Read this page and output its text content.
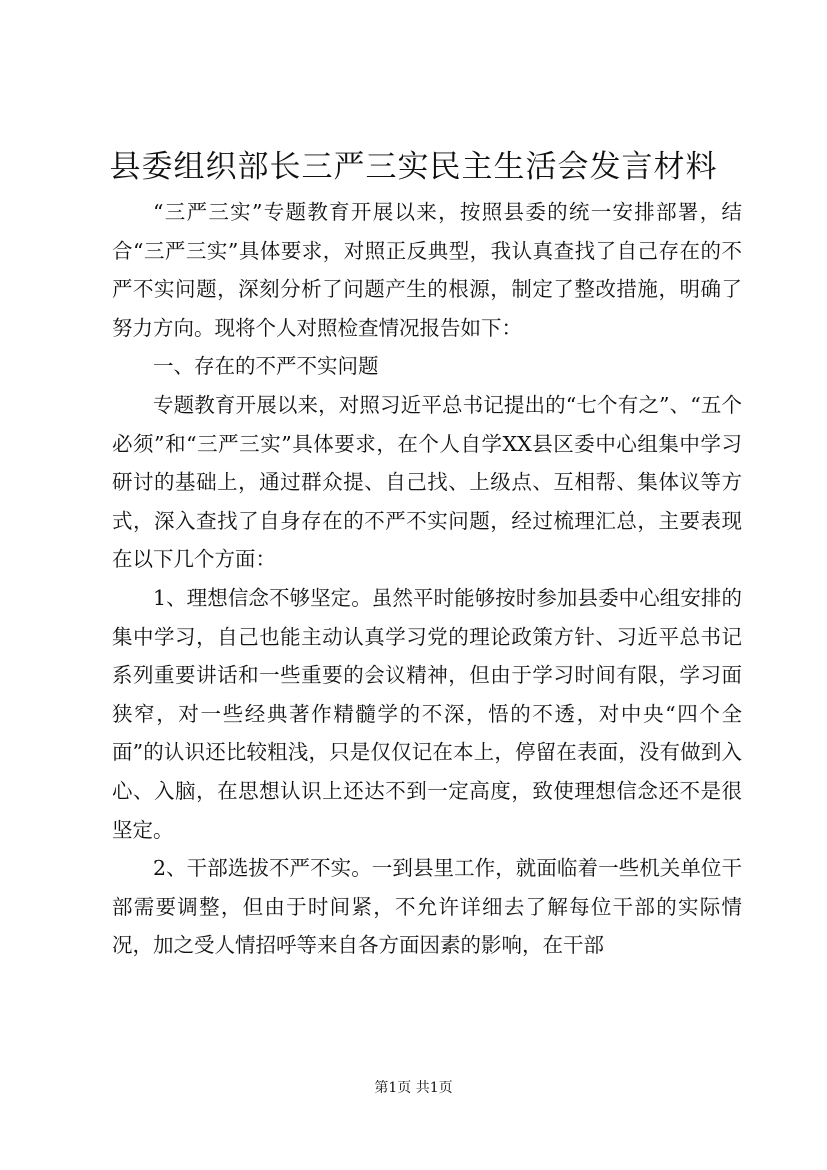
县委组织部长三严三实民主生活会发言材料

“三严三实”专题教育开展以来，按照县委的统一安排部署，结合“三严三实”具体要求，对照正反典型，我认真查找了自己存在的不严不实问题，深刻分析了问题产生的根源，制定了整改措施，明确了努力方向。现将个人对照检查情况报告如下：

一、存在的不严不实问题

专题教育开展以来，对照习近平总书记提出的“七个有之”、“五个必须”和“三严三实”具体要求，在个人自学XX县区委中心组集中学习研讨的基础上，通过群众提、自己找、上级点、互相帮、集体议等方式，深入查找了自身存在的不严不实问题，经过梳理汇总，主要表现在以下几个方面：

1、理想信念不够坚定。虽然平时能够按时参加县委中心组安排的集中学习，自己也能主动认真学习党的理论政策方针、习近平总书记系列重要讲话和一些重要的会议精神，但由于学习时间有限，学习面狭窄，对一些经典著作精髓学的不深，悟的不透，对中央“四个全面”的认识还比较粗浅，只是仅仅记在本上，停留在表面，没有做到入心、入脑，在思想认识上还达不到一定高度，致使理想信念还不是很坚定。

2、干部选拔不严不实。一到县里工作，就面临着一些机关单位干部需要调整，但由于时间紧，不允许详细去了解每位干部的实际情况，加之受人情招呼等来自各方面因素的影响，在干部

第1页 共1页
